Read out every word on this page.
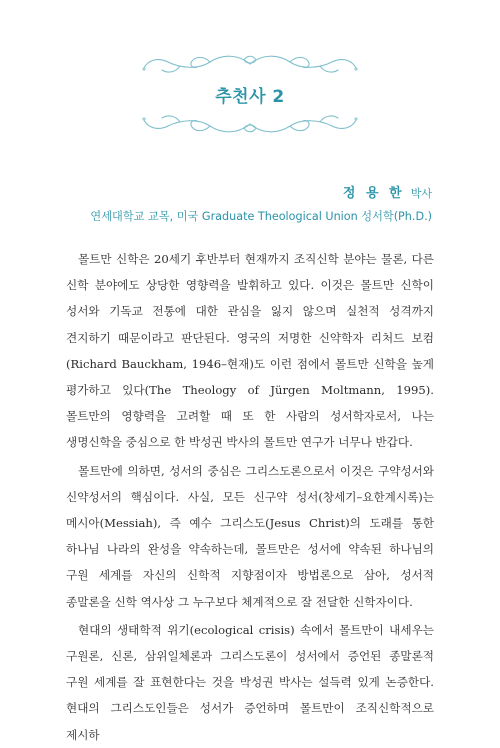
추천사 2
정 용 한 박사
연세대학교 교목, 미국 Graduate Theological Union 성서학(Ph.D.)

몰트만 신학은 20세기 후반부터 현재까지 조직신학 분야는 물론, 다른 신학 분야에도 상당한 영향력을 발휘하고 있다. 이것은 몰트만 신학이 성서와 기독교 전통에 대한 관심을 잃지 않으며 실천적 성격까지 견지하기 때문이라고 판단된다. 영국의 저명한 신약학자 리처드 보컴(Richard Bauckham, 1946–현재)도 이런 점에서 몰트만 신학을 높게 평가하고 있다(The Theology of Jürgen Moltmann, 1995). 몰트만의 영향력을 고려할 때 또 한 사람의 성서학자로서, 나는 생명신학을 중심으로 한 박성권 박사의 몰트만 연구가 너무나 반갑다.

몰트만에 의하면, 성서의 중심은 그리스도론으로서 이것은 구약성서와 신약성서의 핵심이다. 사실, 모든 신구약 성서(창세기–요한계시록)는 메시아(Messiah), 즉 예수 그리스도(Jesus Christ)의 도래를 통한 하나님 나라의 완성을 약속하는데, 몰트만은 성서에 약속된 하나님의 구원 세계를 자신의 신학적 지향점이자 방법론으로 삼아, 성서적 종말론을 신학 역사상 그 누구보다 체계적으로 잘 전달한 신학자이다.

현대의 생태학적 위기(ecological crisis) 속에서 몰트만이 내세우는 구원론, 신론, 삼위일체론과 그리스도론이 성서에서 증언된 종말론적 구원 세계를 잘 표현한다는 것을 박성권 박사는 설득력 있게 논증한다. 현대의 그리스도인들은 성서가 증언하며 몰트만이 조직신학적으로 제시하
